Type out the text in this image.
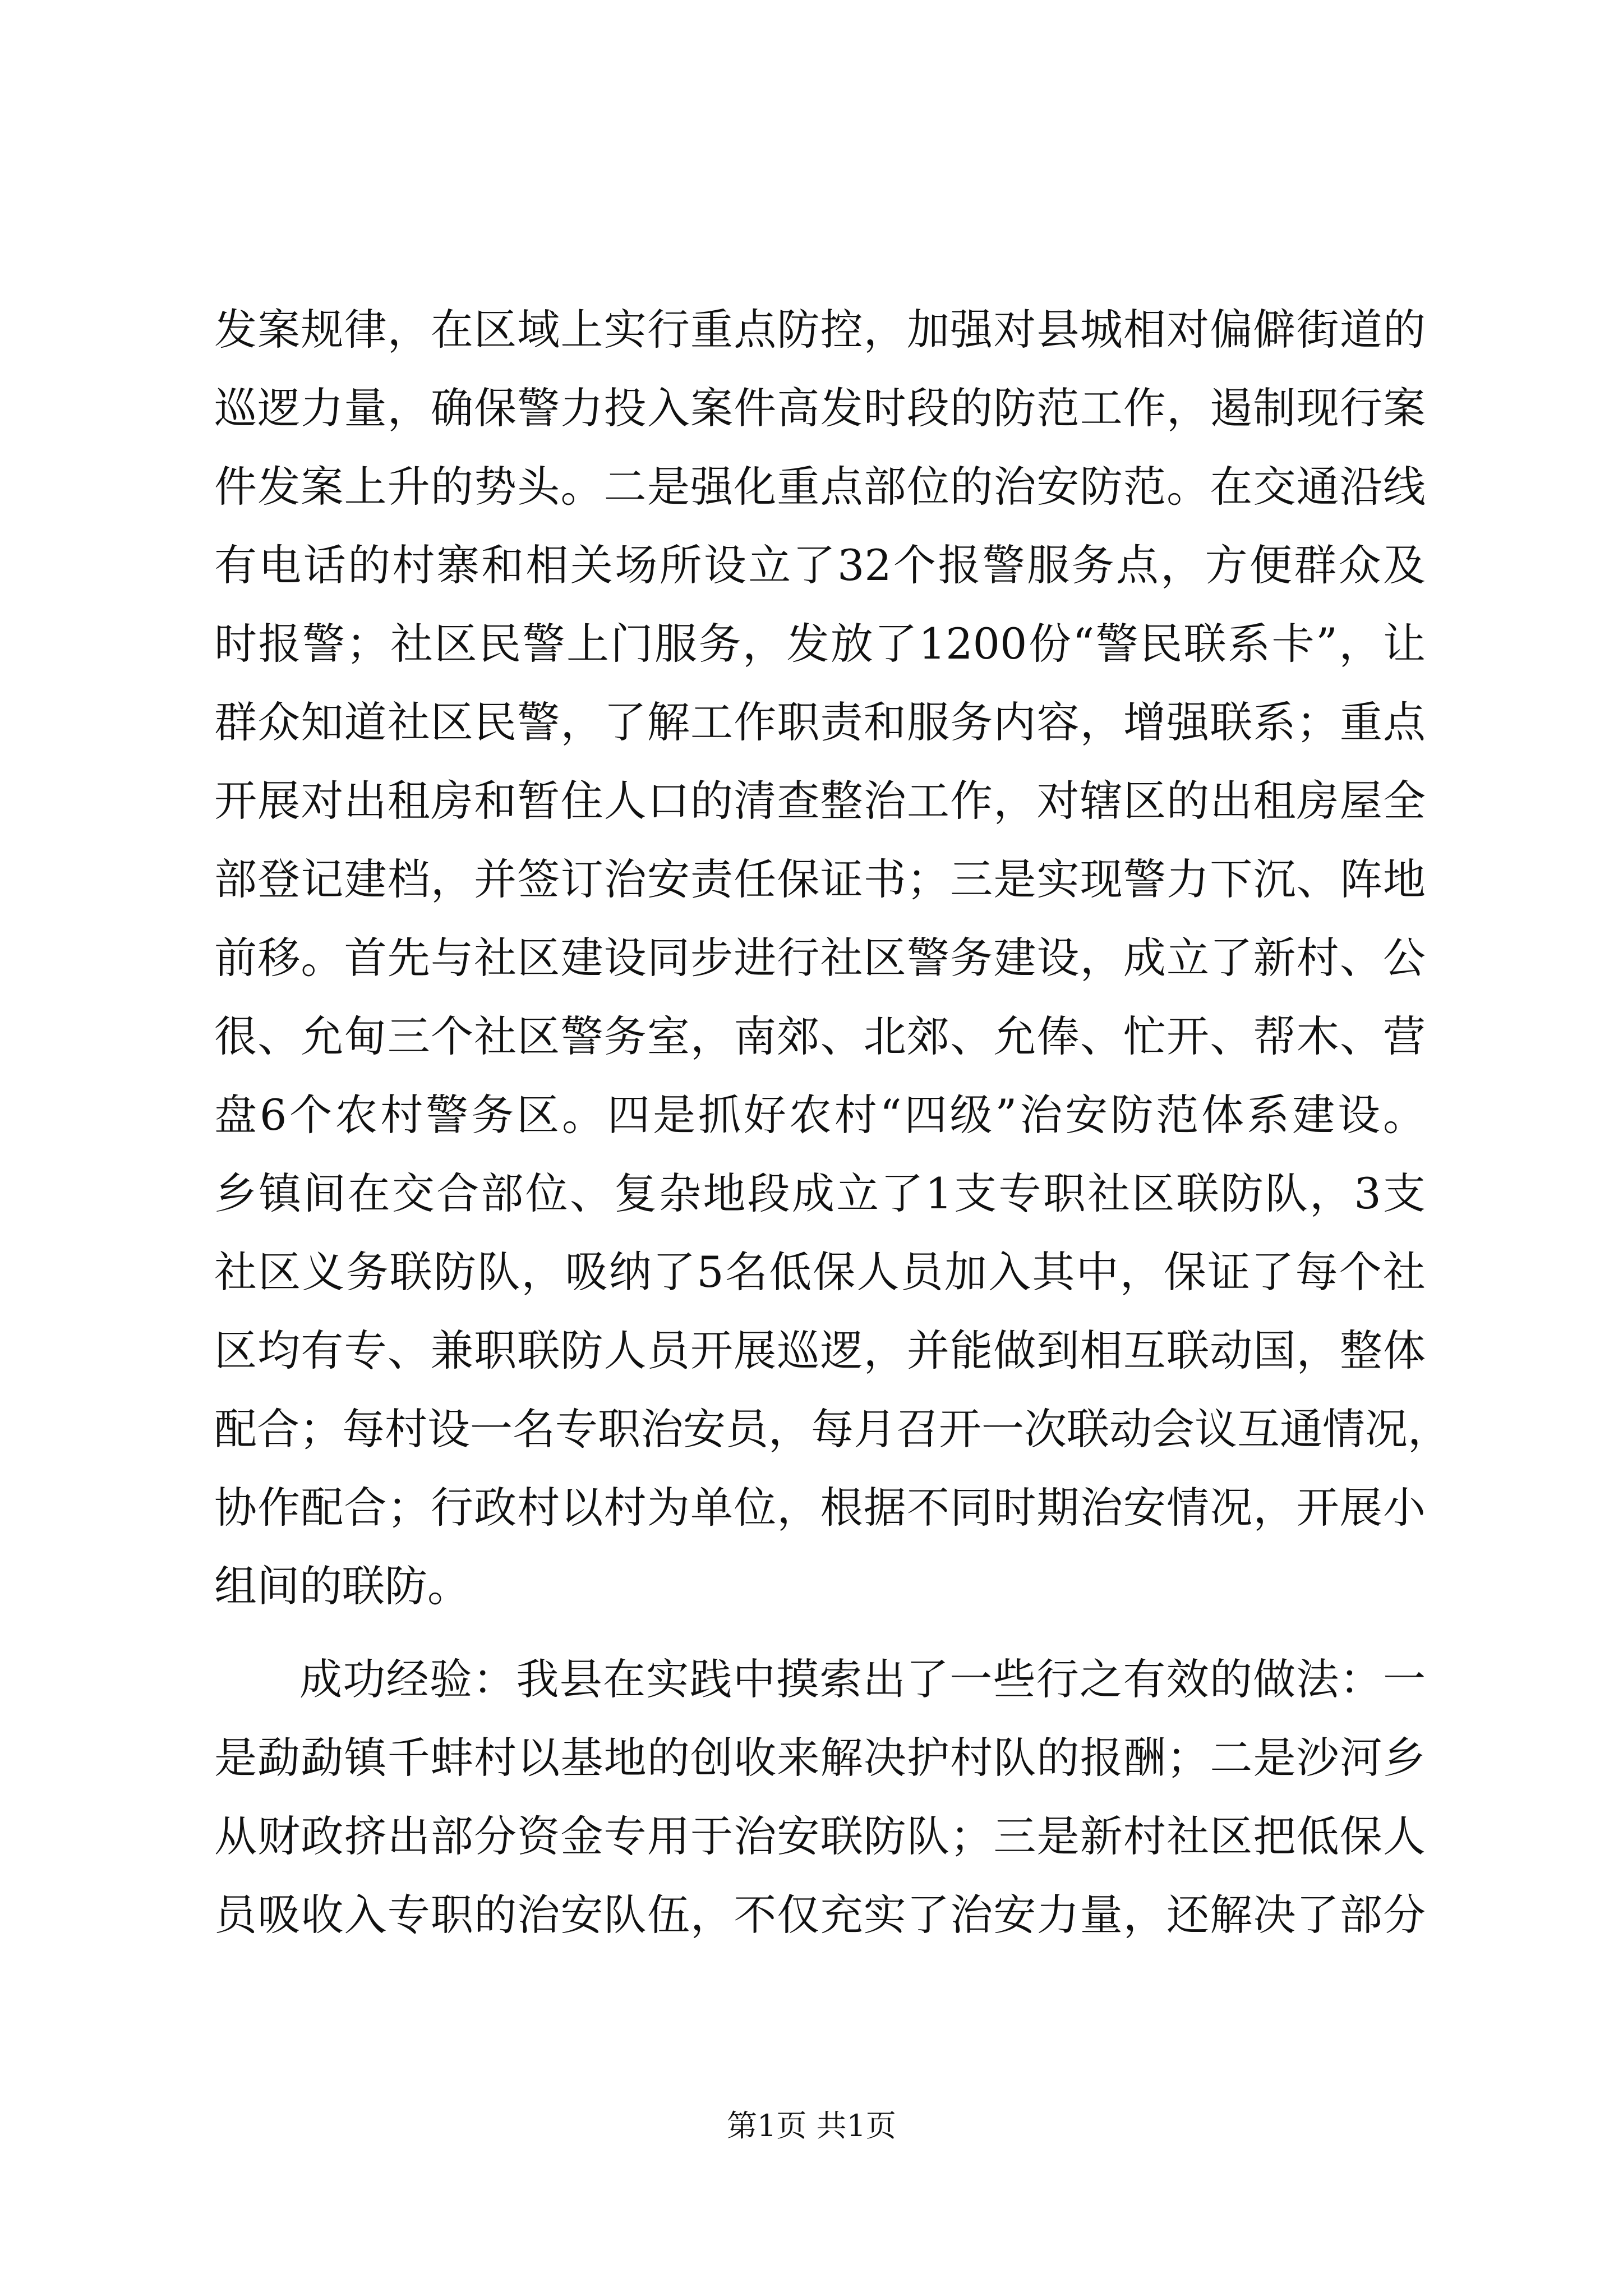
发案规律，在区域上实行重点防控，加强对县城相对偏僻街道的
巡逻力量，确保警力投入案件高发时段的防范工作，遏制现行案
件发案上升的势头。二是强化重点部位的治安防范。在交通沿线
有电话的村寨和相关场所设立了32个报警服务点，方便群众及
时报警；社区民警上门服务，发放了1200份“警民联系卡”，让
群众知道社区民警，了解工作职责和服务内容，增强联系；重点
开展对出租房和暂住人口的清查整治工作，对辖区的出租房屋全
部登记建档，并签订治安责任保证书；三是实现警力下沉、阵地
前移。首先与社区建设同步进行社区警务建设，成立了新村、公
很、允甸三个社区警务室，南郊、北郊、允俸、忙开、帮木、营
盘6个农村警务区。四是抓好农村“四级”治安防范体系建设。
乡镇间在交合部位、复杂地段成立了1支专职社区联防队，3支
社区义务联防队，吸纳了5名低保人员加入其中，保证了每个社
区均有专、兼职联防人员开展巡逻，并能做到相互联动国，整体
配合；每村设一名专职治安员，每月召开一次联动会议互通情况，
协作配合；行政村以村为单位，根据不同时期治安情况，开展小
组间的联防。
成功经验：我县在实践中摸索出了一些行之有效的做法：一
是勐勐镇千蚌村以基地的创收来解决护村队的报酬；二是沙河乡
从财政挤出部分资金专用于治安联防队；三是新村社区把低保人
员吸收入专职的治安队伍，不仅充实了治安力量，还解决了部分
第1页 共1页
